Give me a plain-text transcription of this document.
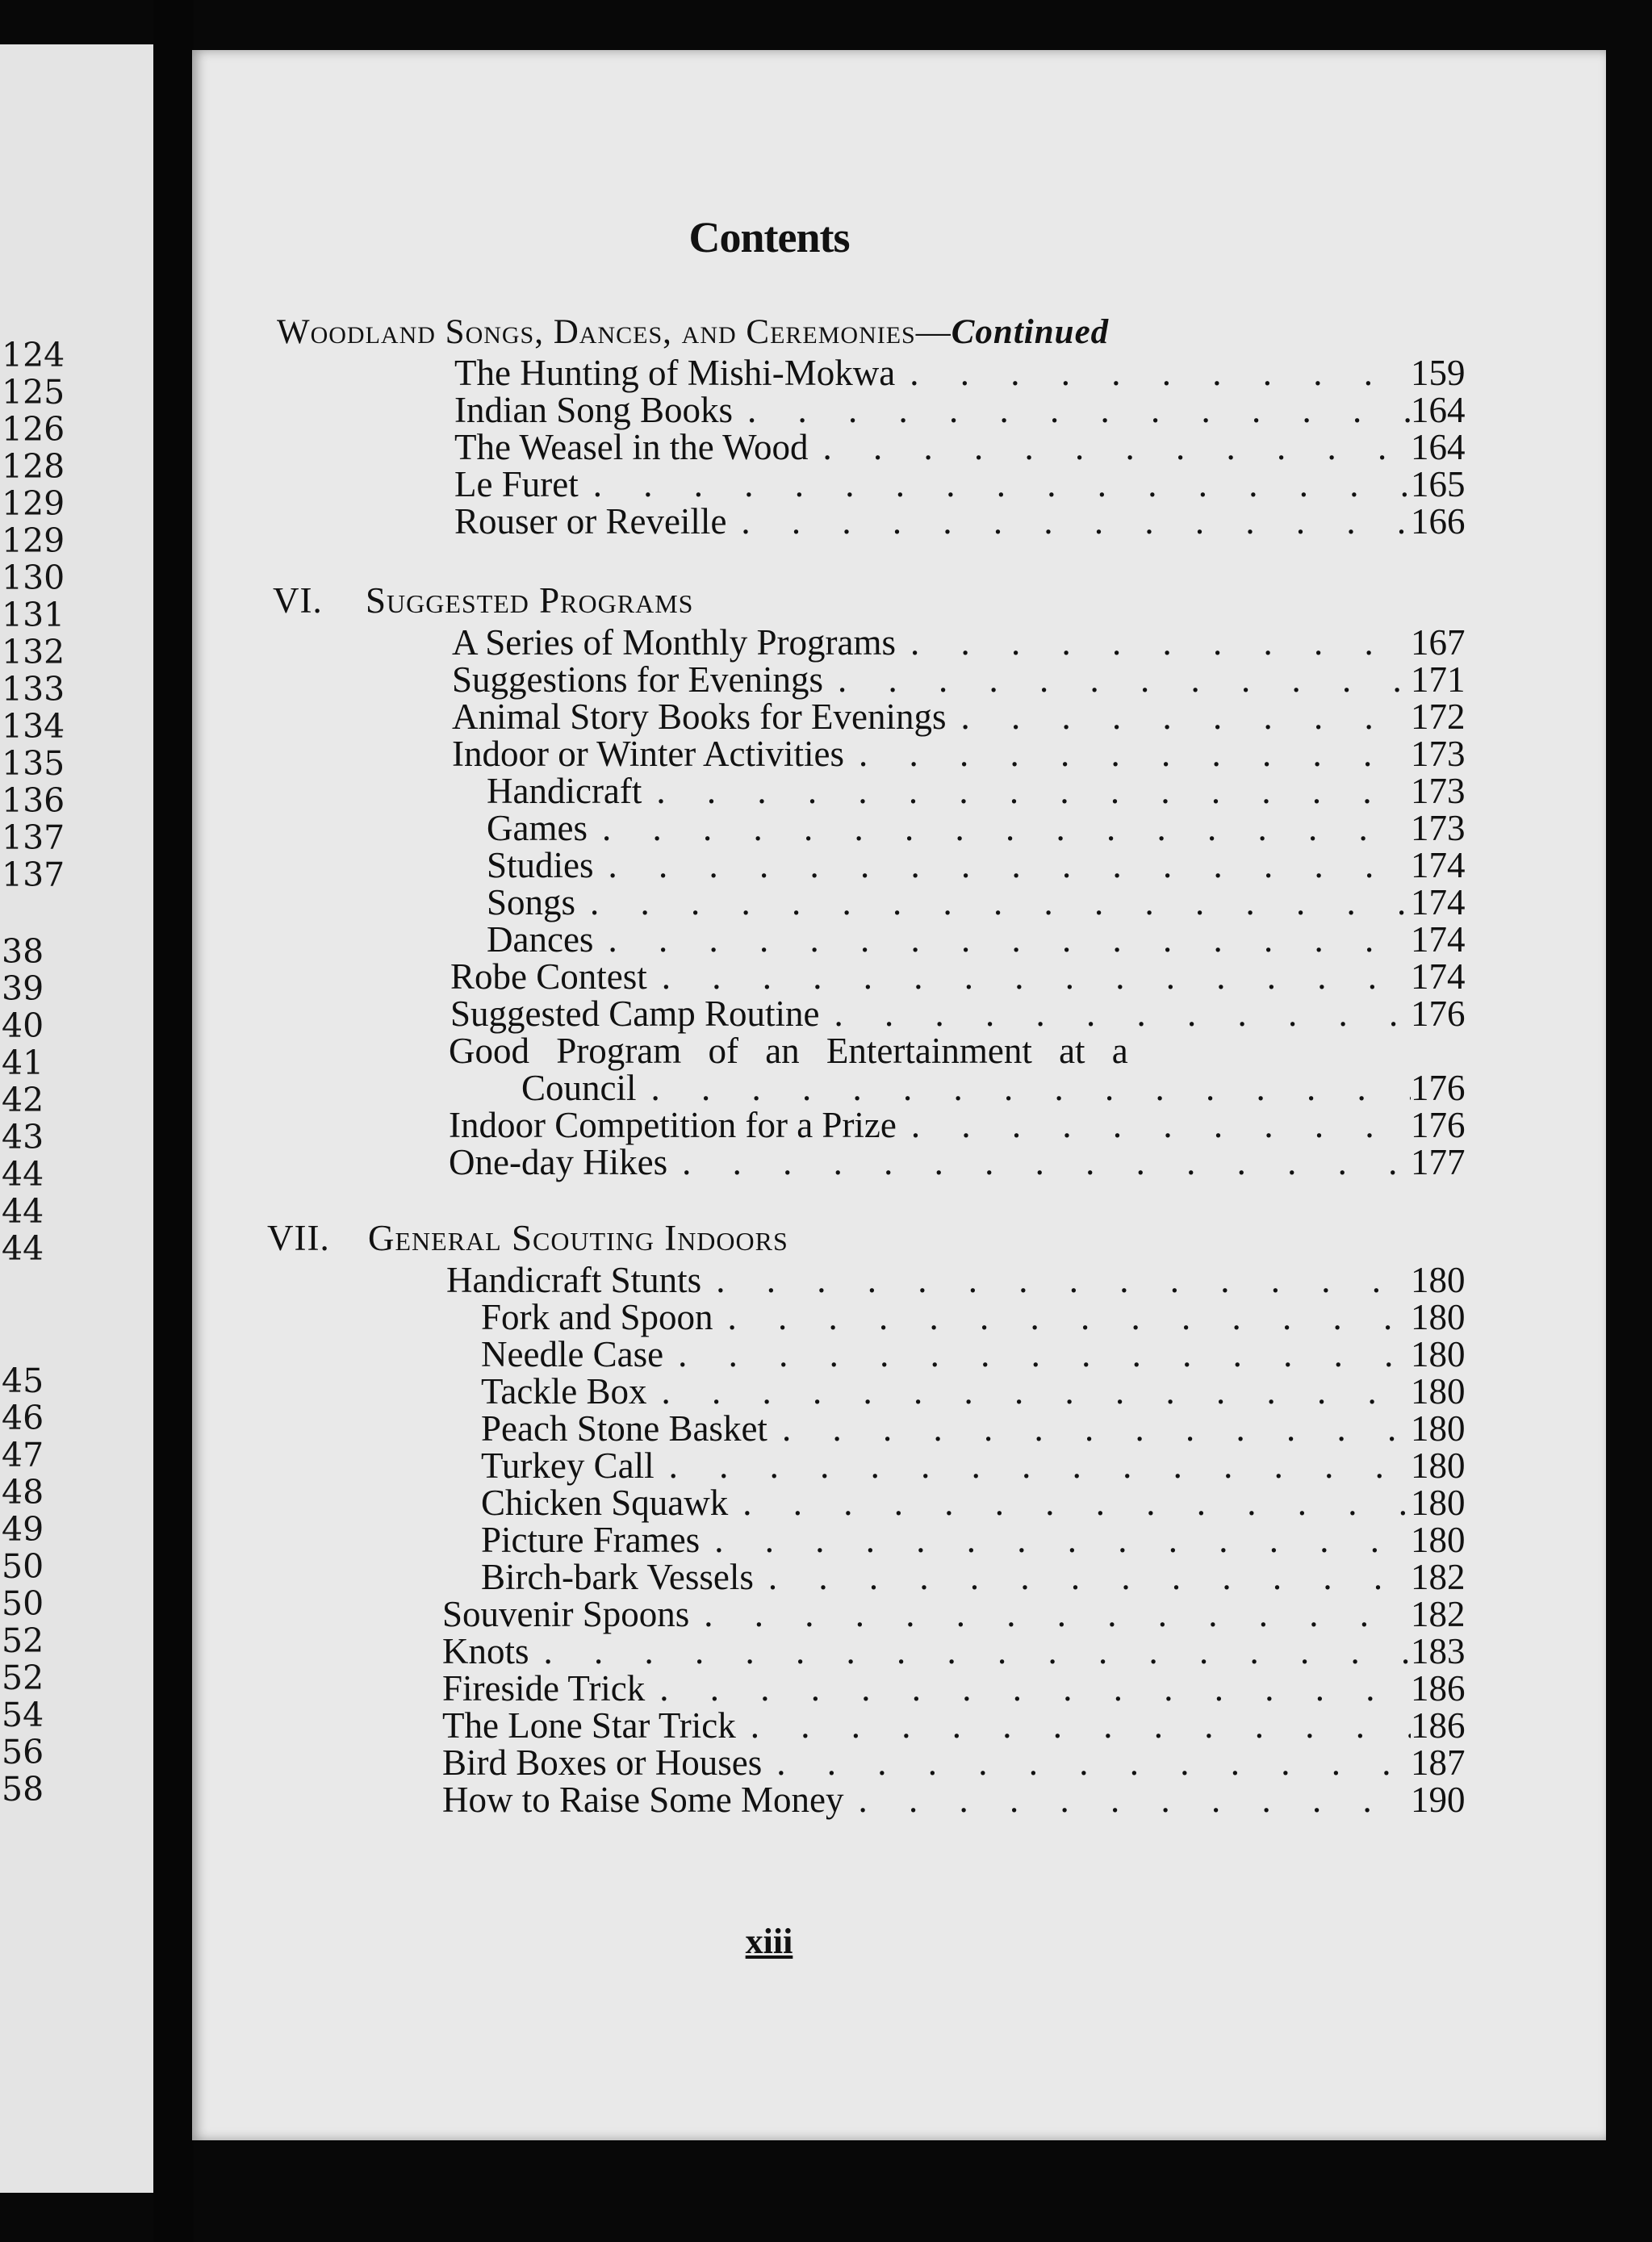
124
125
126
128
129
129
130
131
132
133
134
135
136
137
137
38
39
40
41
42
43
44
44
44
45
46
47
48
49
50
50
52
52
54
56
58
Contents
Woodland Songs, Dances, and Ceremonies—Continued
The Hunting of Mishi-Mokwa . . .	159
Indian Song Books . . .	164
The Weasel in the Wood . . .	164
Le Furet . . .	165
Rouser or Reveille . . .	166
VI. Suggested Programs
A Series of Monthly Programs . . .	167
Suggestions for Evenings . . .	171
Animal Story Books for Evenings . . .	172
Indoor or Winter Activities . . .	173
Handicraft . . .	173
Games . . .	173
Studies . . .	174
Songs . . .	174
Dances . . .	174
Robe Contest . . .	174
Suggested Camp Routine . . .	176
Good Program of an Entertainment at a
Council . . .	176
Indoor Competition for a Prize . . .	176
One-day Hikes . . .	177
VII. General Scouting Indoors
Handicraft Stunts . . .	180
Fork and Spoon . . .	180
Needle Case . . .	180
Tackle Box . . .	180
Peach Stone Basket . . .	180
Turkey Call . . .	180
Chicken Squawk . . .	180
Picture Frames . . .	180
Birch-bark Vessels . . .	182
Souvenir Spoons . . .	182
Knots . . .	183
Fireside Trick . . .	186
The Lone Star Trick . . .	186
Bird Boxes or Houses . . .	187
How to Raise Some Money . . .	190
xiii
